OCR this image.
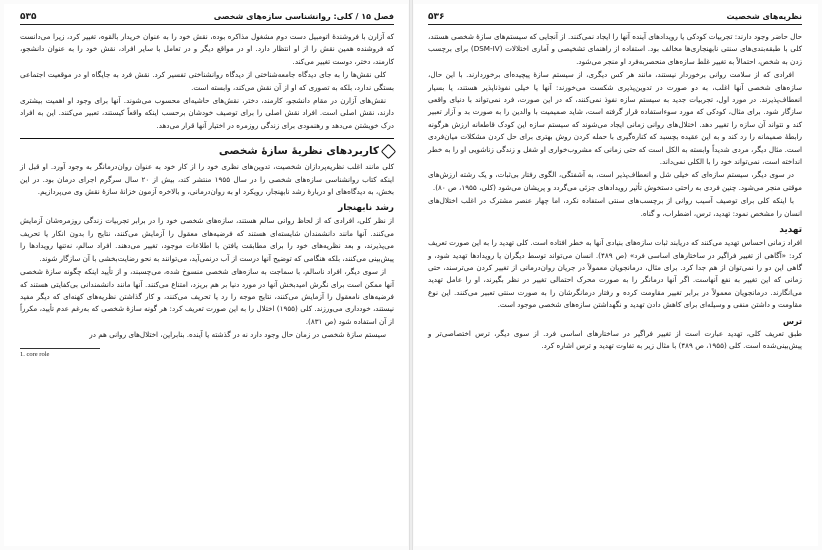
فصل ۱۵ / کلی: روانشناسی سازه‌های شخصی
۵۳۵

که آزارن با فروشندهٔ اتومبیل دست دوم مشغول مذاکره بوده، نقش خود را به عنوان خریدار بالقوه، تغییر کرد، زیرا می‌دانست که فروشنده همین نقش را از او انتظار دارد. او در مواقع دیگر و در تعامل با سایر افراد، نقش خود را به عنوان دانشجو، کارمند، دختر، دوست تغییر می‌کند.

کلی نقش‌ها را به جای دیدگاه جامعه‌شناختی از دیدگاه روانشناختی تفسیر کرد. نقش فرد به جایگاه او در موقعیت اجتماعی بستگی ندارد، بلکه به تصوری که او از آن نقش می‌کند، وابسته است.

نقش‌های آزارن در مقام دانشجو، کارمند، دختر، نقش‌های حاشیه‌ای محسوب می‌شوند. آنها برای وجود او اهمیت بیشتری دارند، نقش اصلی است. افراد نقش اصلی را برای توصیف خودشان برحسب اینکه واقعاً کیستند، تعبیر می‌کنند. این به افراد درک خویشتن می‌دهد و رهنمودی برای زندگی روزمره در اختیار آنها قرار می‌دهد.

کاربردهای نظریهٔ سازهٔ شخصی

کلی مانند اغلب نظریه‌پردازان شخصیت، تدوین‌های نظری خود را از کار خود به عنوان روان‌درمانگر به وجود آورد. او قبل از اینکه کتاب روانشناسی سازه‌های شخصی را در سال ۱۹۵۵ منتشر کند، بیش از ۲۰ سال سرگرم اجرای درمان بود. در این بخش، به دیدگاه‌های او دربارهٔ رشد نابهنجار، رویکرد او به روان‌درمانی، و بالاخره آزمون خزانهٔ سازهٔ نقش وی می‌پردازیم.

رشد نابهنجار

از نظر کلی، افرادی که از لحاظ روانی سالم هستند، سازه‌های شخصی خود را در برابر تجربیات زندگی روزمره‌شان آزمایش می‌کنند. آنها مانند دانشمندان شایسته‌ای هستند که فرضیه‌های معقول را آزمایش می‌کنند، نتایج را بدون انکار یا تحریف می‌پذیرند، و بعد نظریه‌های خود را برای مطابقت یافتن با اطلاعات موجود، تغییر می‌دهند. افراد سالم، نه‌تنها رویدادها را پیش‌بینی می‌کنند، بلکه هنگامی که توضیح آنها درست از آب درنمی‌آید، می‌توانند به نحو رضایت‌بخشی با آن سازگار شوند.

از سوی دیگر، افراد ناسالم، با سماجت به سازه‌های شخصی منسوخ شده، می‌چسبند، و از تأیید اینکه چگونه سازهٔ شخصی آنها ممکن است برای نگرش امید‌بخش آنها در مورد دنیا بر هم بریزد، امتناع می‌کنند. آنها مانند دانشمندانی بی‌کفایتی هستند که فرضیه‌های نامعقول را آزمایش می‌کنند، نتایج موجه را رد یا تحریف می‌کنند، و کار گذاشتن نظریه‌های کهنه‌ای که دیگر مفید نیستند، خودداری می‌ورزند. کلی (۱۹۵۵) اختلال را به این صورت تعریف کرد: هر گونه سازهٔ شخصی که به‌رغم عدم تأیید، مکرراً از آن استفاده شود (ص ۸۳۱).

سیستم سازهٔ شخصی در زمان حال وجود دارد نه در گذشته یا آینده. بنابراین، اختلال‌های روانی هم در

1. core role
نظریه‌های شخصیت
۵۳۶

حال حاضر وجود دارند: تجربیات کودکی یا رویدادهای آینده آنها را ایجاد نمی‌کنند. از آنجایی که سیستم‌های سازهٔ شخصی هستند، کلی با طبقه‌بندی‌های سنتی نابهنجاری‌ها مخالف بود. استفاده از راهنمای تشخیصی و آماری اختلالات (DSM-IV) برای برچسب زدن به شخص، احتمالاً به تغییر غلط سازه‌های منحصربه‌فرد او منجر می‌شود.

افرادی که از سلامت روانی برخوردار نیستند، مانند هر کس دیگری، از سیستم سازهٔ پیچیده‌ای برخوردارند. با این حال، سازه‌های شخصی آنها اغلب، به دو صورت در تدوین‌پذیری شکست می‌خورند: آنها یا خیلی نفوذناپذیر هستند، یا بسیار انعطاف‌پذیرند. در مورد اول، تجربیات جدید به سیستم سازه نفوذ نمی‌کنند، که در این صورت، فرد نمی‌تواند با دنیای واقعی سازگار شود. برای مثال، کودکی که مورد سوءاستفاده قرار گرفته است، شاید صمیمیت با والدین را به صورت بد و آزار تعبیر کند و نتواند آن سازه را تغییر دهد. اختلال‌های روانی زمانی ایجاد می‌شوند که سیستم سازه این کودک قاطعانه ارزش هرگونه رابطهٔ صمیمانه را رد کند و به این عقیده بچسبد که کناره‌گیری با حمله کردن روش بهتری برای حل کردن مشکلات میان‌فردی است. مثال دیگر، مردی شدیداً وابسته به الکل است که حتی زمانی که مشروب‌خواری او شغل و زندگی زناشویی او را به خطر انداخته است، نمی‌تواند خود را با الکلی نمی‌داند.

در سوی دیگر، سیستم سازه‌ای که خیلی شل و انعطاف‌پذیر است، به آشفتگی، الگوی رفتار بی‌ثبات، و یک رشته ارزش‌های موقتی منجر می‌شود. چنین فردی به راحتی دستخوش تأثیر رویدادهای جزئی می‌گردد و پریشان می‌شود (کلی، ۱۹۵۵، ص ۸۰).

با اینکه کلی برای توصیف آسیب روانی از برچسب‌های سنتی استفاده نکرد، اما چهار عنصر مشترک در اغلب اختلال‌های انسان را مشخص نمود: تهدید، ترس، اضطراب، و گناه.

تهدید

افراد زمانی احساس تهدید می‌کنند که دریابند ثبات سازه‌های بنیادی آنها به خطر افتاده است. کلی تهدید را به این صورت تعریف کرد: «آگاهی از تغییر فراگیر در ساختارهای اساسی فرد» (ص ۴۸۹). انسان می‌تواند توسط دیگران یا رویدادها تهدید شود، و گاهی این دو را نمی‌توان از هم جدا کرد. برای مثال، درمانجویان معمولاً در جریان روان‌درمانی از تغییر کردن می‌ترسند، حتی زمانی که این تغییر به نفع آنهاست. اگر آنها درمانگر را به صورت محرک احتمالی تغییر در نظر بگیرند، او را عامل تهدید می‌انگارند. درمانجویان معمولاً در برابر تغییر مقاومت کرده و رفتار درمانگرشان را به صورت سنتی تعبیر می‌کنند. این نوع مقاومت و داشتن منفی و وسیله‌ای برای کاهش دادن تهدید و نگهداشتن سازه‌های شخصی موجود است.

ترس

طبق تعریف کلی، تهدید عبارت است از تغییر فراگیر در ساختارهای اساسی فرد. از سوی دیگر، ترس اختصاصی‌تر و پیش‌بینی‌شده است. کلی (۱۹۵۵، ص ۴۸۹) با مثال زیر به تفاوت تهدید و ترس اشاره کرد.
